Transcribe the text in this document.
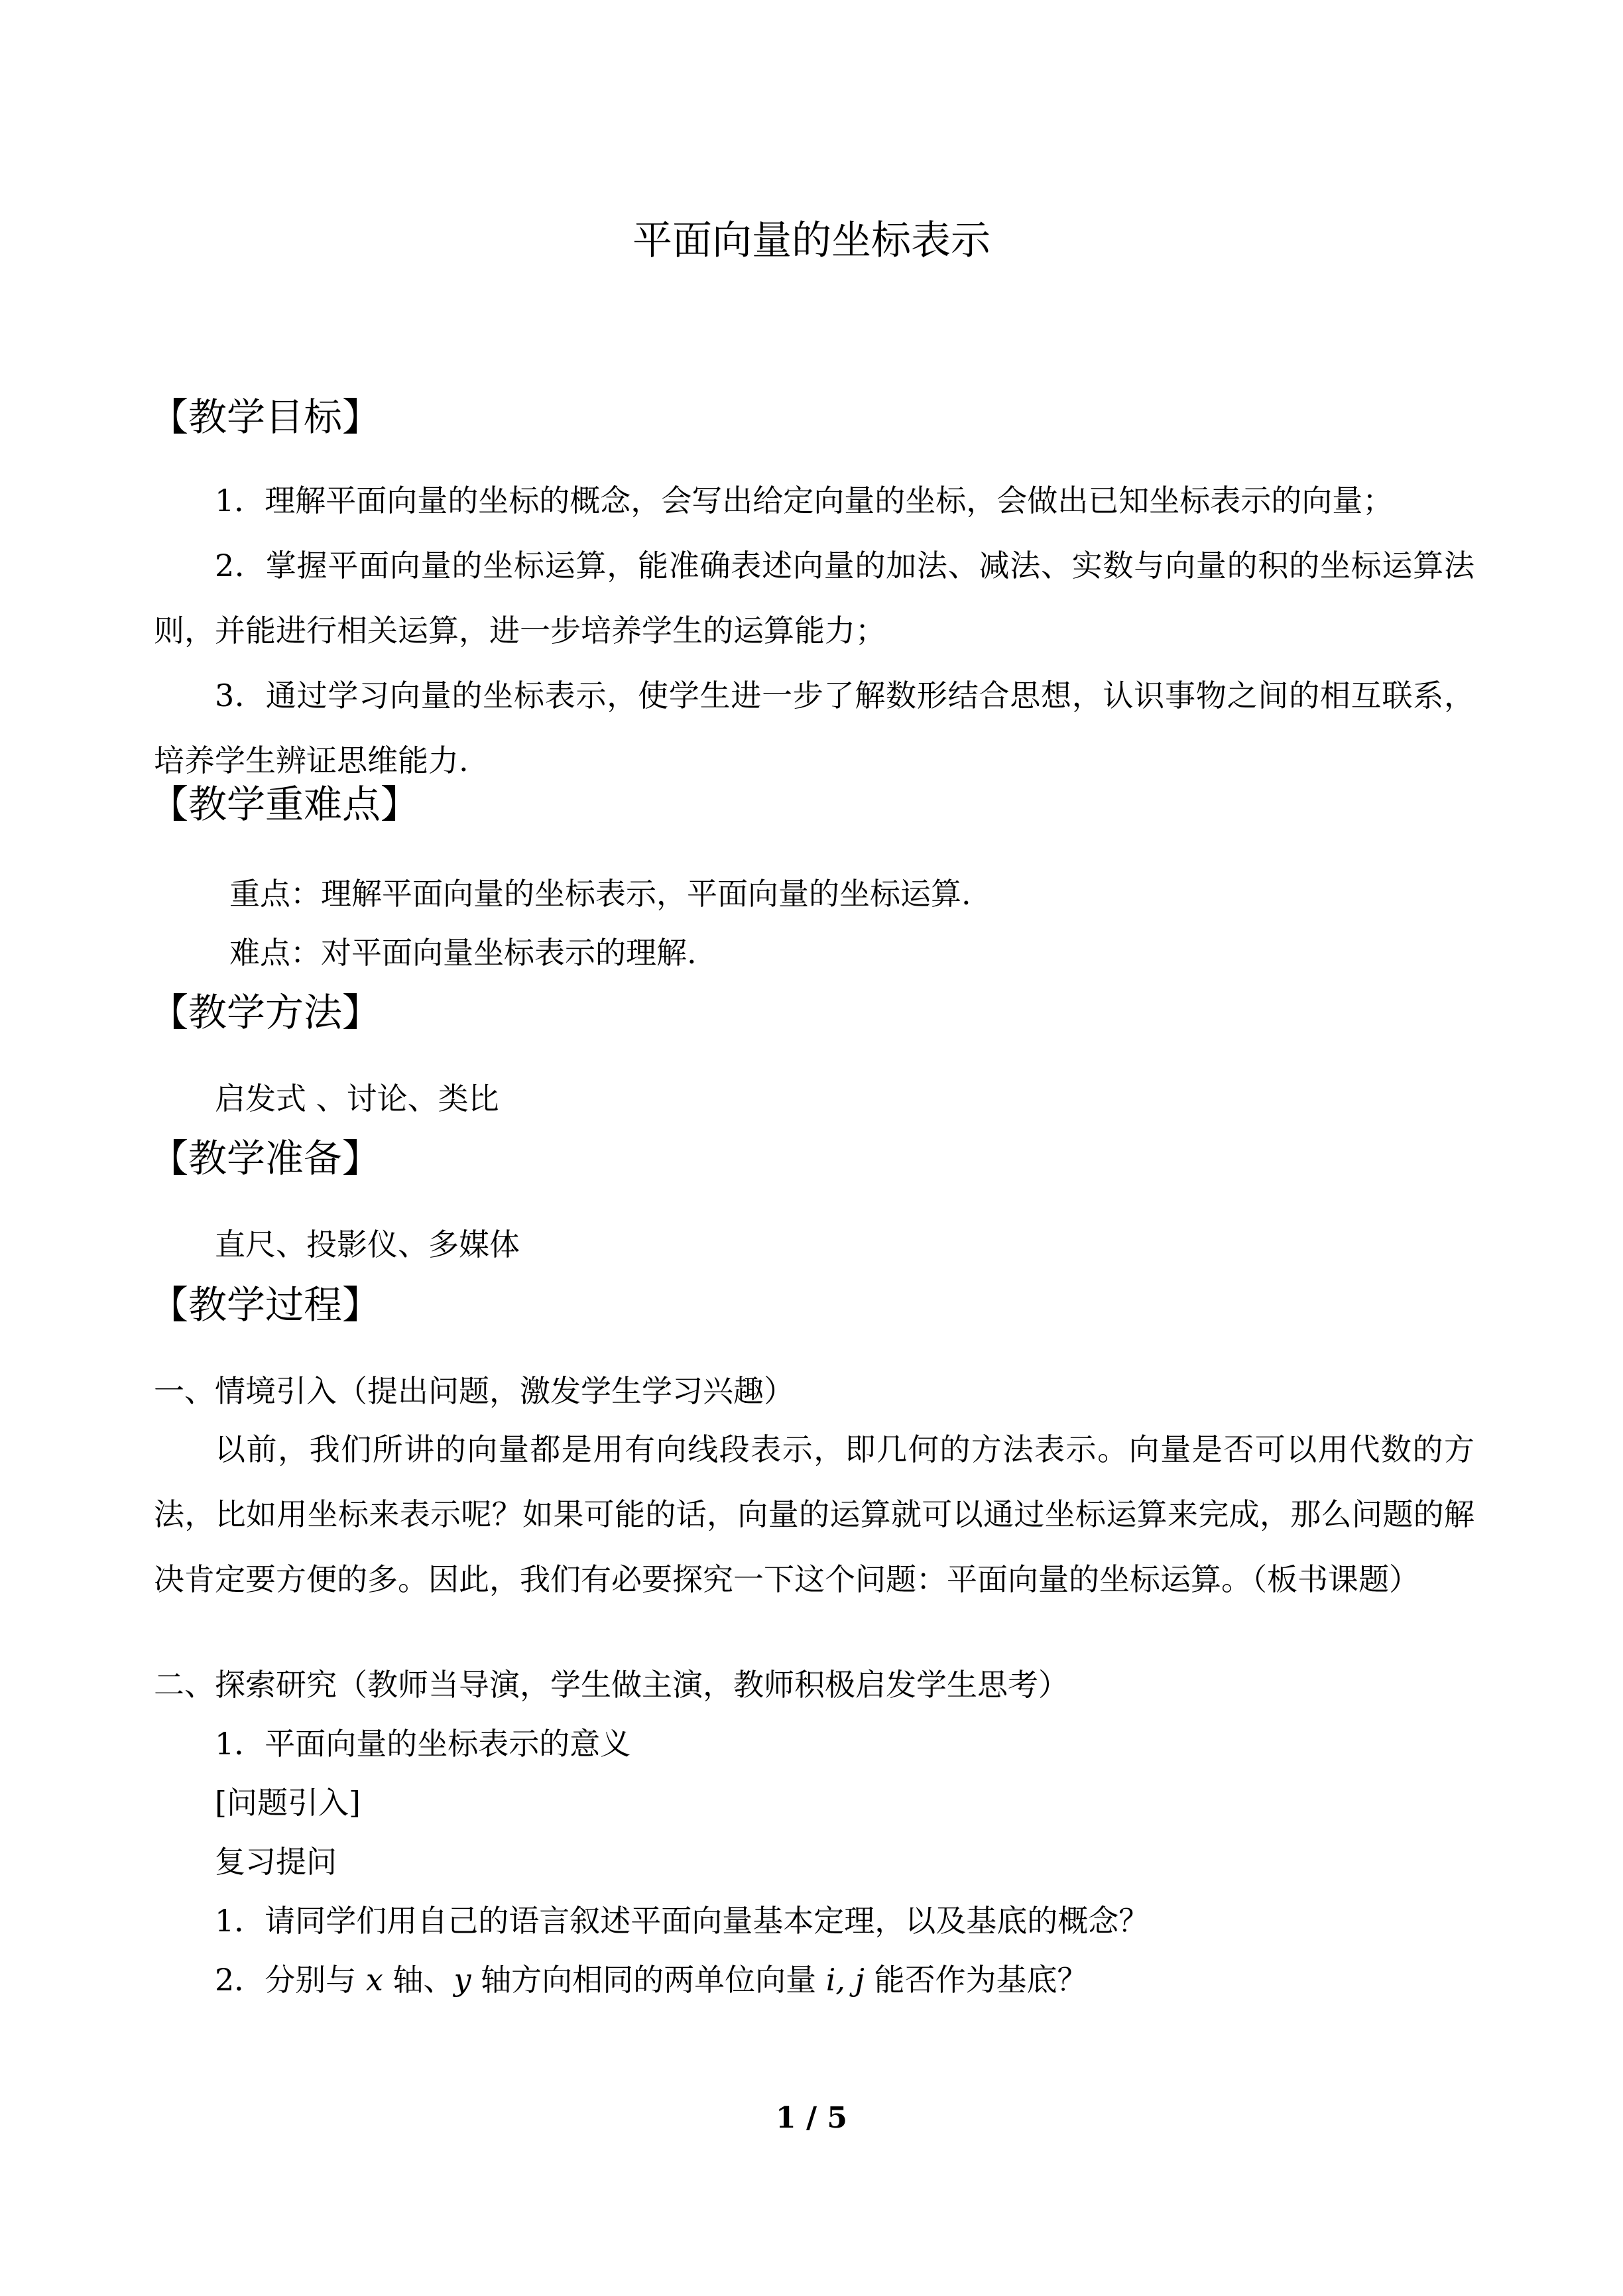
平面向量的坐标表示
【教学目标】
1．理解平面向量的坐标的概念，会写出给定向量的坐标，会做出已知坐标表示的向量；
2．掌握平面向量的坐标运算，能准确表述向量的加法、减法、实数与向量的积的坐标运算法则，并能进行相关运算，进一步培养学生的运算能力；
3．通过学习向量的坐标表示，使学生进一步了解数形结合思想，认识事物之间的相互联系，培养学生辨证思维能力.
【教学重难点】
重点：理解平面向量的坐标表示，平面向量的坐标运算.
难点：对平面向量坐标表示的理解.
【教学方法】
启发式 、讨论、类比
【教学准备】
直尺、投影仪、多媒体
【教学过程】
一、情境引入（提出问题，激发学生学习兴趣）
以前，我们所讲的向量都是用有向线段表示，即几何的方法表示。向量是否可以用代数的方法，比如用坐标来表示呢？如果可能的话，向量的运算就可以通过坐标运算来完成，那么问题的解决肯定要方便的多。因此，我们有必要探究一下这个问题：平面向量的坐标运算。（板书课题）
二、探索研究（教师当导演，学生做主演，教师积极启发学生思考）
1．平面向量的坐标表示的意义
[问题引入]
复习提问
1．请同学们用自己的语言叙述平面向量基本定理，以及基底的概念？
2．分别与 x 轴、y 轴方向相同的两单位向量 i, j 能否作为基底？
1 / 5
